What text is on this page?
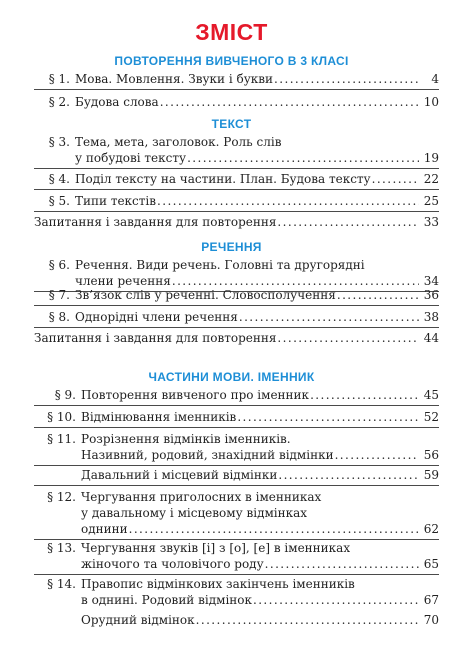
ЗМІСТ
ПОВТОРЕННЯ ВИВЧЕНОГО В 3 КЛАСІ
§ 1. Мова. Мовлення. Звуки і букви .....	4
§ 2. Будова слова .....	10
ТЕКСТ
§ 3. Тема, мета, заголовок. Роль слів
у побудові тексту .....	19
§ 4. Поділ тексту на частини. План. Будова тексту .....	22
§ 5. Типи текстів .....	25
Запитання і завдання для повторення .....	33
РЕЧЕННЯ
§ 6. Речення. Види речень. Головні та другорядні
члени речення .....	34
§ 7. Зв’язок слів у реченні. Словосполучення .....	36
§ 8. Однорідні члени речення .....	38
Запитання і завдання для повторення .....	44
ЧАСТИНИ МОВИ. ІМЕННИК
§ 9. Повторення вивченого про іменник .....	45
§ 10. Відмінювання іменників .....	52
§ 11. Розрізнення відмінків іменників.
Називний, родовий, знахідний відмінки .....	56
Давальний і місцевий відмінки .....	59
§ 12. Чергування приголосних в іменниках
у давальному і місцевому відмінках
однини .....	62
§ 13. Чергування звуків [і] з [о], [е] в іменниках
жіночого та чоловічого роду .....	65
§ 14. Правопис відмінкових закінчень іменників
в однині. Родовий відмінок .....	67
Орудний відмінок .....	70
